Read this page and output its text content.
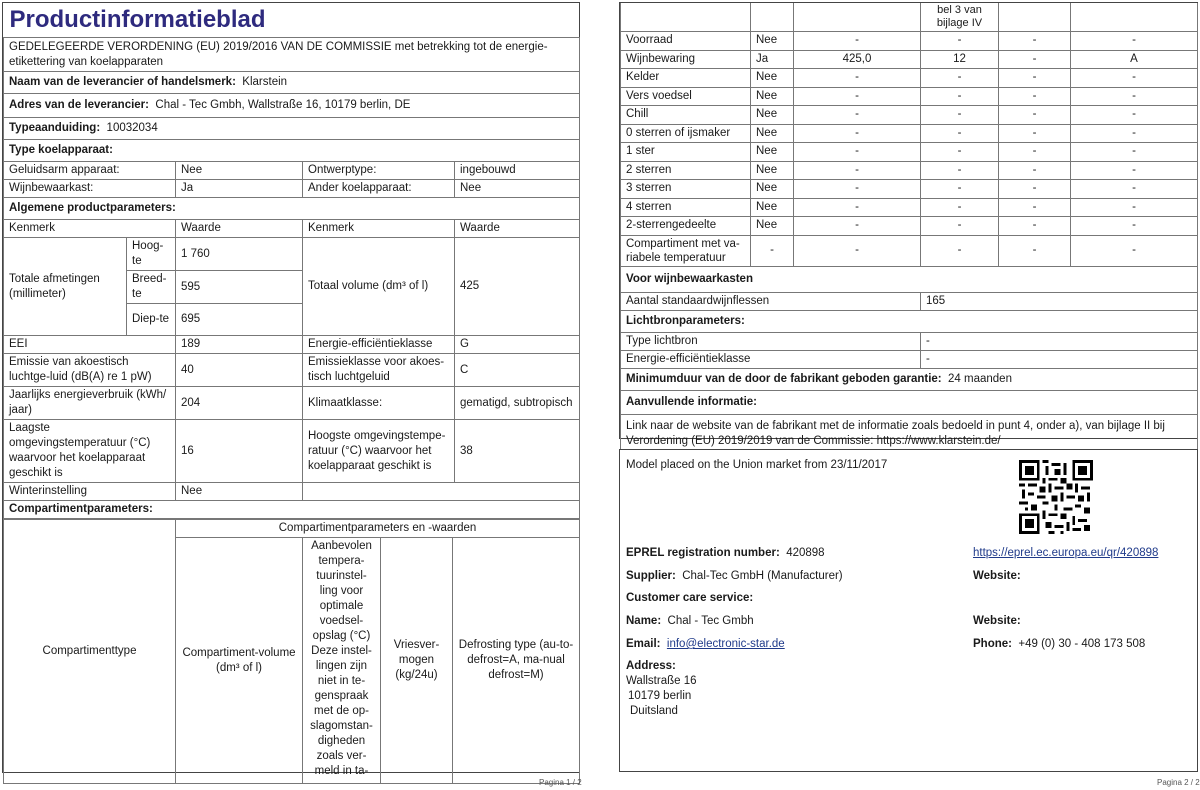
Productinformatieblad				
GEDELEGEERDE VERORDENING (EU) 2019/2016 VAN DE COMMISSIE met betrekking tot de energie-etikettering van koelapparaten				
Naam van de leverancier of handelsmerk: Klarstein				
Adres van de leverancier: Chal - Tec Gmbh, Wallstraße 16, 10179 berlin, DE				
Typeaanduiding: 10032034				
Type koelapparaat:				
Geluidsarm apparaat:		Nee	Ontwerptype:	ingebouwd
Wijnbewaarkast:		Ja	Ander koelapparaat:	Nee
Algemene productparameters:				
Kenmerk		Waarde	Kenmerk	Waarde
Totale afmetingen (millimeter)	Hoog-te	1 760	Totaal volume (dm³ of l)	425
	Breed-te	595		
	Diep-te	695		
EEI		189	Energie-efficiëntieklasse	G
Emissie van akoestisch luchtge-luid (dB(A) re 1 pW)		40	Emissieklasse voor akoes-tisch luchtgeluid	C
Jaarlijks energieverbruik (kWh/ jaar)		204	Klimaatklasse:	gematigd, subtropisch
Laagste omgevingstemperatuur (°C) waarvoor het koelapparaat geschikt is		16	Hoogste omgevingstempe-ratuur (°C) waarvoor het koelapparaat geschikt is	38
Winterinstelling		Nee		
Compartimentparameters:				
Compartimenttype	Compartimentparameters en -waarden			
	Compartiment-volume (dm³ of l)	Aanbevolen tempera-tuurinstel-ling voor optimale voedsel-opslag (°C) Deze instel-lingen zijn niet in te-genspraak met de op-slagomstan-digheden zoals ver-meld in ta-	Vriesver-mogen (kg/24u)	Defrosting type (au-to-defrost=A, ma-nual defrost=M)
Pagina 1 / 2
			bel 3 van bijlage IV		
Voorraad	Nee	-	-	-	-
Wijnbewaring	Ja	425,0	12	-	A
Kelder	Nee	-	-	-	-
Vers voedsel	Nee	-	-	-	-
Chill	Nee	-	-	-	-
0 sterren of ijsmaker	Nee	-	-	-	-
1 ster	Nee	-	-	-	-
2 sterren	Nee	-	-	-	-
3 sterren	Nee	-	-	-	-
4 sterren	Nee	-	-	-	-
2-sterrengedeelte	Nee	-	-	-	-
Compartiment met va-riabele temperatuur	-	-	-	-	-
Voor wijnbewaarkasten					
Aantal standaardwijnflessen			165		
Lichtbronparameters:					
Type lichtbron			-		
Energie-efficiëntieklasse			-		
Minimumduur van de door de fabrikant geboden garantie: 24 maanden					
Aanvullende informatie:					
Link naar de website van de fabrikant met de informatie zoals bedoeld in punt 4, onder a), van bijlage II bij Verordening (EU) 2019/2019 van de Commissie: https://www.klarstein.de/					
Model placed on the Union market from 23/11/2017
EPREL registration number: 420898	https://eprel.ec.europa.eu/qr/420898
Supplier: Chal-Tec GmbH (Manufacturer)	Website:
Customer care service:
Name: Chal - Tec Gmbh	Website:
Email: info@electronic-star.de	Phone: +49 (0) 30 - 408 173 508
Address:
Wallstraße 16
10179 berlin
Duitsland
Pagina 2 / 2
